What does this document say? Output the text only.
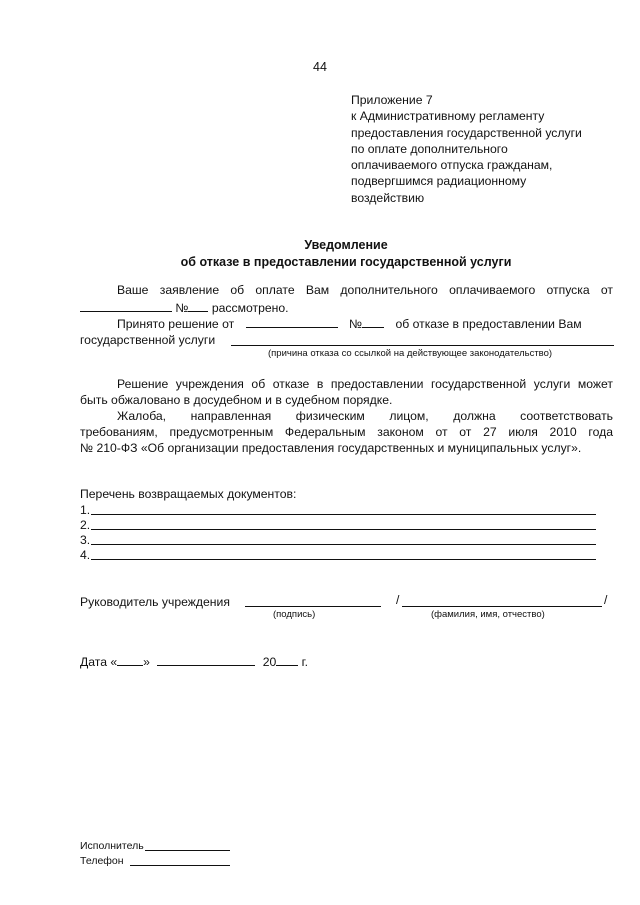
44
Приложение 7
к Административному регламенту
предоставления государственной услуги
по оплате дополнительного
оплачиваемого отпуска гражданам,
подвергшимся радиационному
воздействию
Уведомление
об отказе в предоставлении государственной услуги
Ваше заявление об оплате Вам дополнительного оплачиваемого отпуска от
№ рассмотрено.
Принято решение от	№	об отказе в предоставлении Вам
государственной услуги
(причина отказа со ссылкой на действующее законодательство)
Решение учреждения об отказе в предоставлении государственной услуги может
быть обжаловано в досудебном и в судебном порядке.
Жалоба, направленная физическим лицом, должна соответствовать
требованиям, предусмотренным Федеральным законом от от 27 июля 2010 года
№ 210-ФЗ «Об организации предоставления государственных и муниципальных услуг».
Перечень возвращаемых документов:
1.
2.
3.
4.
Руководитель учреждения	/	/
(подпись)	(фамилия, имя, отчество)
Дата « »	20 г.
Исполнитель
Телефон
